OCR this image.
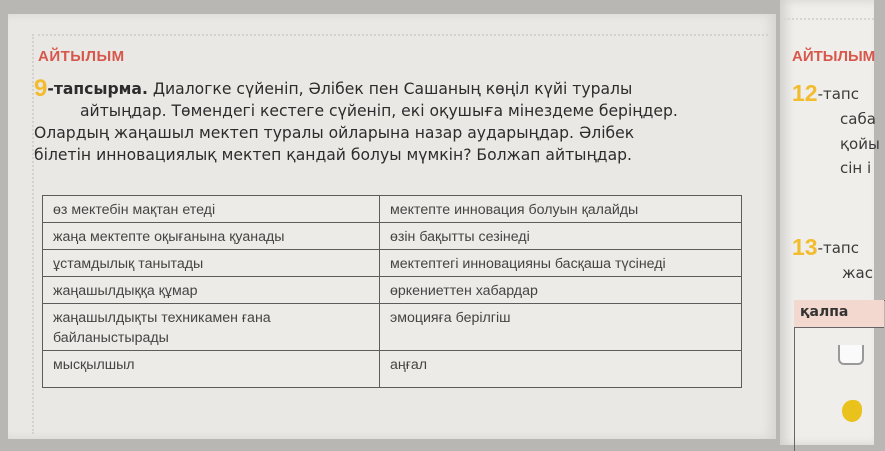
АЙТЫЛЫМ
9-тапсырма. Диалогке сүйеніп, Әлібек пен Сашаның көңіл күйі туралы
айтыңдар. Төмендегі кестеге сүйеніп, екі оқушыға мінездеме беріңдер.
Олардың жаңашыл мектеп туралы ойларына назар аударыңдар. Әлібек
білетін инновациялық мектеп қандай болуы мүмкін? Болжап айтыңдар.
өз мектебін мақтан етеді	мектепте инновация болуын қалайды
жаңа мектепте оқығанына қуанады	өзін бақытты сезінеді
ұстамдылық танытады	мектептегі инновацияны басқаша түсінеді
жаңашылдыққа құмар	өркениеттен хабардар
жаңашылдықты техникамен ғана байланыстырады	эмоцияға берілгіш
мысқылшыл	аңғал
АЙТЫЛЫМ
12-тапс
саба
қойы
сін і
13-тапс
жас
қалпа
